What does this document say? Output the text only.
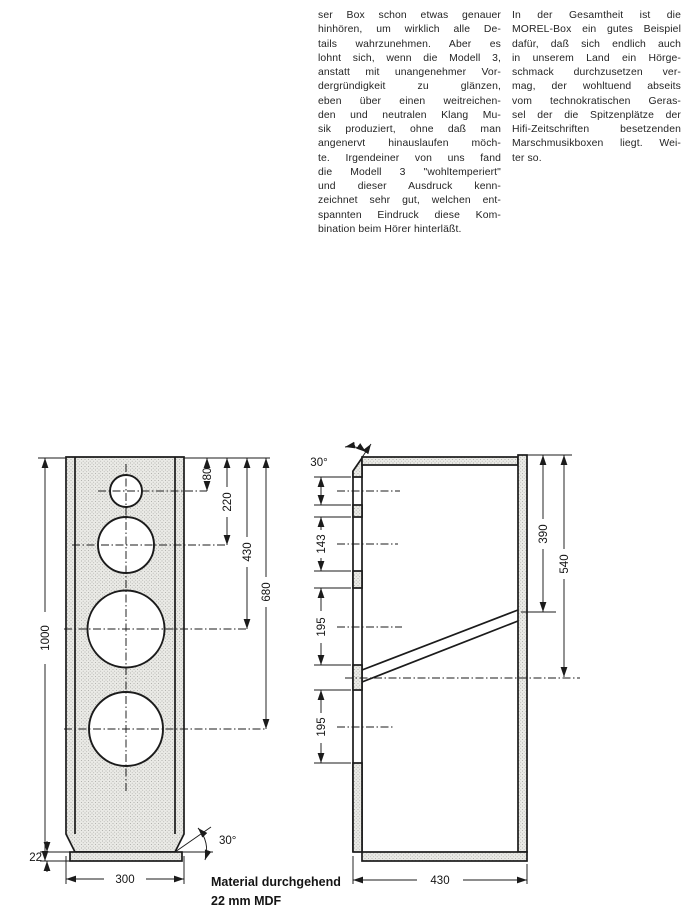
ser Box schon etwas genauer
hinhören, um wirklich alle De-
tails wahrzunehmen. Aber es
lohnt sich, wenn die Modell 3,
anstatt mit unangenehmer Vor-
dergründigkeit zu glänzen,
eben über einen weitreichen-
den und neutralen Klang Mu-
sik produziert, ohne daß man
angenervt hinauslaufen möch-
te. Irgendeiner von uns fand
die Modell 3 "wohltemperiert"
und dieser Ausdruck kenn-
zeichnet sehr gut, welchen ent-
spannten Eindruck diese Kom-
bination beim Hörer hinterläßt.
In der Gesamtheit ist die
MOREL-Box ein gutes Beispiel
dafür, daß sich endlich auch
in unserem Land ein Hörge-
schmack durchzusetzen ver-
mag, der wohltuend abseits
vom technokratischen Geras-
sel der die Spitzenplätze der
Hifi-Zeitschriften besetzenden
Marschmusikboxen liegt. Wei-
ter so.
1000
80
220
430
680
22
300
30°
143
195
195
390
540
430
30°
Material durchgehend
22 mm MDF
